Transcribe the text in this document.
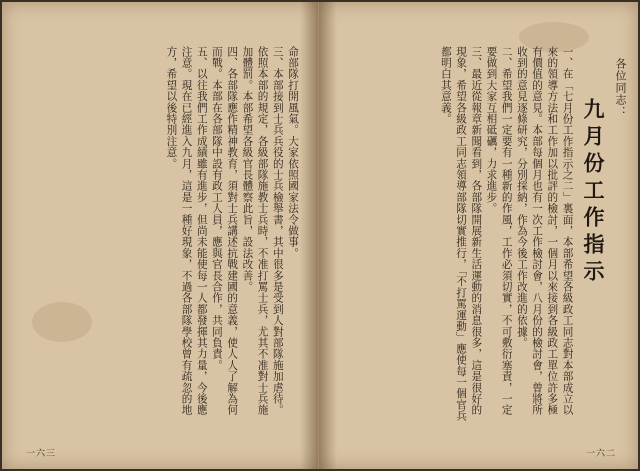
命部隊打開風氣。大家依照國家法令做事。
三、本部接到士兵兵役的士兵檢舉書，其中很多是受到人對部隊施加虐待。依照本部的規定，各級部隊施教士兵時，不准打罵士兵，尤其不准對士兵施加體罰。本部希望各級官長體察此旨，設法改善。
四、各部隊應作精神教育，須對士兵講述抗戰建國的意義，使人人了解為何而戰。本部在各部隊中設有政工人員，應與官長合作，共同負責。
五、以往我們工作成績雖有進步，但尚未能使每一人都發揮其力量，今後應注意。現在已經進入九月，這是一種好現象，不過各部隊學校曾有疏忽的地方，希望以後特別注意。
一六三
九月份工作指示
各位同志：
一、在「七月份工作指示之二」裏面，本部希望各級政工同志對本部成立以來的領導方法和工作加以批評的檢討，一個月以來接到各級政工單位許多極有價值的意見。本部每個月也有一次工作檢討會，八月份的檢討會，曾將所收到的意見逐條研究，分別採納，作為今後工作改進的依據。
二、希望我們一定要有一種新的作風，工作必須切實，不可敷衍塞責，一定要做到大家互相砥礪，力求進步。
三、最近從報章新聞看到，各部隊開展新生活運動的消息很多，這是很好的現象，希望各級政工同志領導部隊切實推行，「不打罵運動」應使每一個官兵都明白其意義。
一六二
